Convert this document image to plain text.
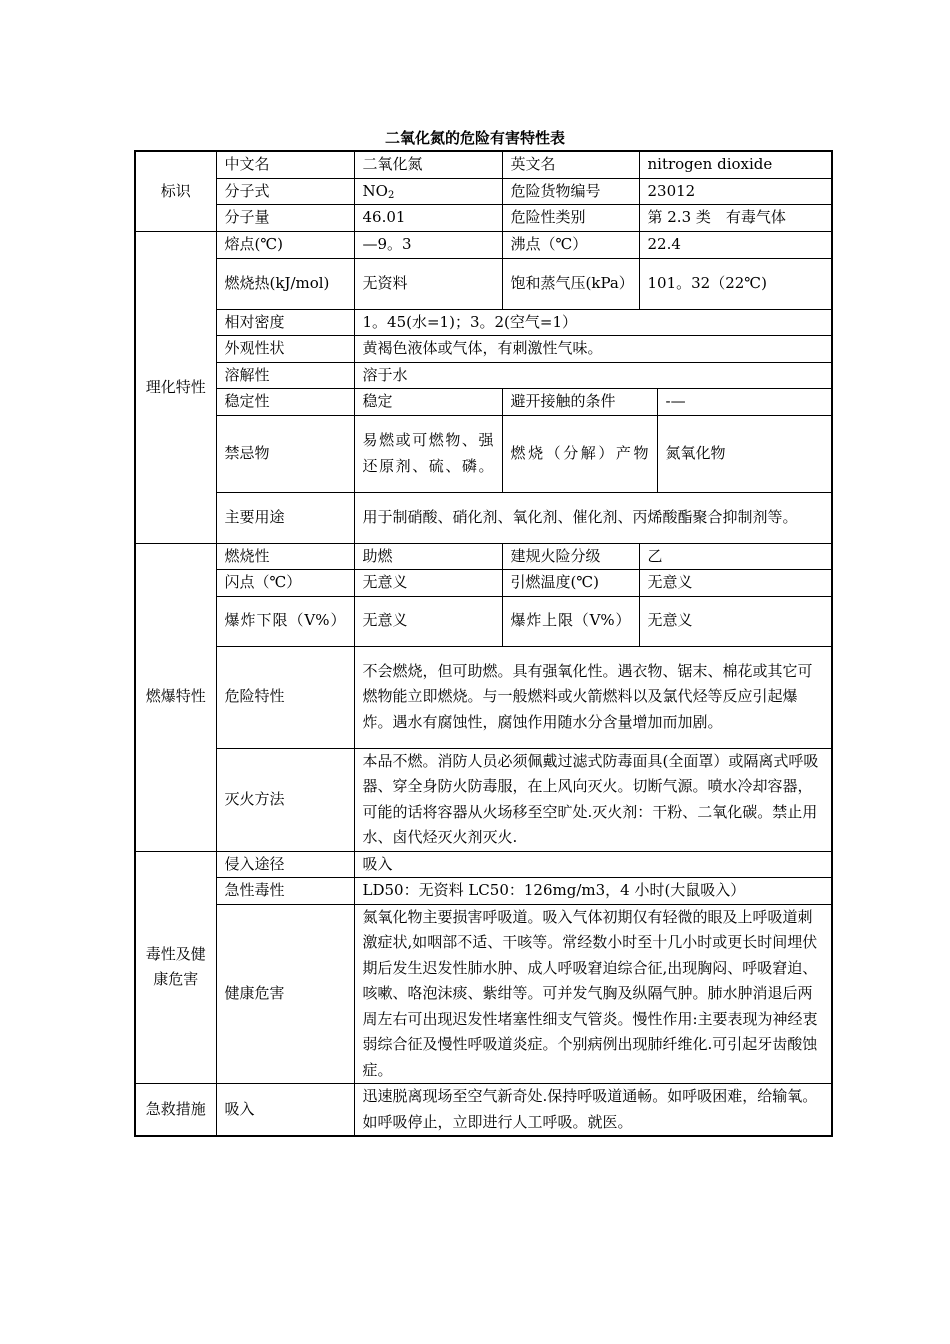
二氧化氮的危险有害特性表
标识	中文名	二氧化氮	英文名	nitrogen dioxide	
	分子式	$NO_2$	危险货物编号	23012	
	分子量	46.01	危险性类别	第 2.3 类　有毒气体	
理化特性	熔点(℃)	—9。3	沸点（℃）	22.4	
	燃烧热(kJ/mol)	无资料	饱和蒸气压(kPa）	101。32（22℃)	
	相对密度	1。45(水=1)；3。2(空气=1）			
	外观性状	黄褐色液体或气体，有刺激性气味。			
	溶解性	溶于水			
	稳定性	稳定	避开接触的条件		-—
	禁忌物	易燃或可燃物、强还原剂、硫、磷。	燃烧（分解）产物		氮氧化物
	主要用途	用于制硝酸、硝化剂、氧化剂、催化剂、丙烯酸酯聚合抑制剂等。			
燃爆特性	燃烧性	助燃	建规火险分级	乙	
	闪点（℃）	无意义	引燃温度(℃)	无意义	
	爆炸下限（V%）	无意义	爆炸上限（V%）	无意义	
	危险特性	不会燃烧，但可助燃。具有强氧化性。遇衣物、锯末、棉花或其它可燃物能立即燃烧。与一般燃料或火箭燃料以及氯代烃等反应引起爆炸。遇水有腐蚀性，腐蚀作用随水分含量增加而加剧。			
	灭火方法	本品不燃。消防人员必须佩戴过滤式防毒面具(全面罩）或隔离式呼吸器、穿全身防火防毒服，在上风向灭火。切断气源。喷水冷却容器，可能的话将容器从火场移至空旷处.灭火剂：干粉、二氧化碳。禁止用水、卤代烃灭火剂灭火.			
毒性及健康危害	侵入途径	吸入			
	急性毒性	LD50：无资料 LC50：126mg/m3，4 小时(大鼠吸入）			
	健康危害	氮氧化物主要损害呼吸道。吸入气体初期仅有轻微的眼及上呼吸道刺激症状,如咽部不适、干咳等。常经数小时至十几小时或更长时间埋伏期后发生迟发性肺水肿、成人呼吸窘迫综合征,出现胸闷、呼吸窘迫、咳嗽、咯泡沫痰、紫绀等。可并发气胸及纵隔气肿。肺水肿消退后两周左右可出现迟发性堵塞性细支气管炎。慢性作用:主要表现为神经衷弱综合征及慢性呼吸道炎症。个别病例出现肺纤维化.可引起牙齿酸蚀症。			
急救措施	吸入	迅速脱离现场至空气新奇处.保持呼吸道通畅。如呼吸困难，给输氧。如呼吸停止，立即进行人工呼吸。就医。			
